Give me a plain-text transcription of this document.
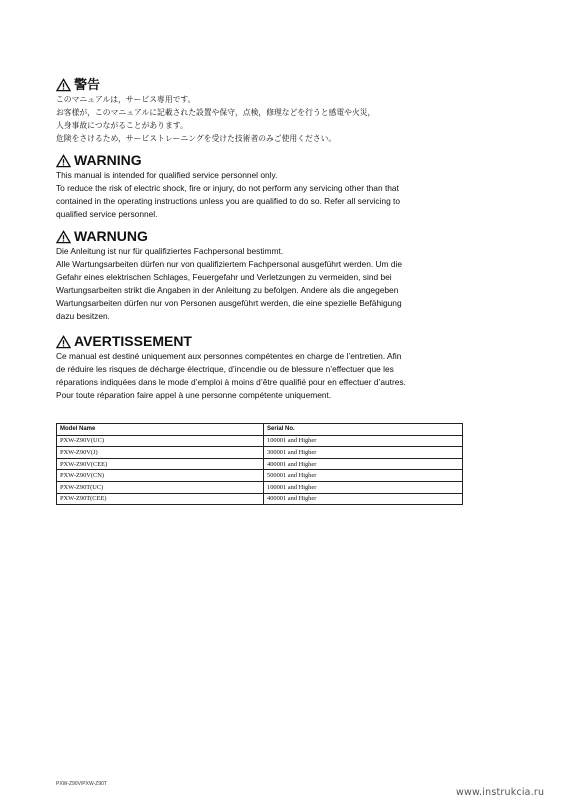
警告
このマニュアルは，サービス専用です。
お客様が，このマニュアルに記載された設置や保守，点検，修理などを行うと感電や火災，
人身事故につながることがあります。
危険をさけるため，サービストレーニングを受けた技術者のみご使用ください。
WARNING
This manual is intended for qualified service personnel only.
To reduce the risk of electric shock, fire or injury, do not perform any servicing other than that
contained in the operating instructions unless you are qualified to do so. Refer all servicing to
qualified service personnel.
WARNUNG
Die Anleitung ist nur für qualifiziertes Fachpersonal bestimmt.
Alle Wartungsarbeiten dürfen nur von qualifiziertem Fachpersonal ausgeführt werden. Um die
Gefahr eines elektrischen Schlages, Feuergefahr und Verletzungen zu vermeiden, sind bei
Wartungsarbeiten strikt die Angaben in der Anleitung zu befolgen. Andere als die angegeben
Wartungsarbeiten dürfen nur von Personen ausgeführt werden, die eine spezielle Befähigung
dazu besitzen.
AVERTISSEMENT
Ce manual est destiné uniquement aux personnes compétentes en charge de l’entretien. Afin
de réduire les risques de décharge électrique, d’incendie ou de blessure n’effectuer que les
réparations indiquées dans le mode d’emploi à moins d’être qualifié pour en effectuer d’autres.
Pour toute réparation faire appel à une personne compétente uniquement.
Model Name	Serial No.
PXW-Z90V(UC)	100001 and Higher
PXW-Z90V(J)	300001 and Higher
PXW-Z90V(CEE)	400001 and Higher
PXW-Z90V(CN)	500001 and Higher
PXW-Z90T(UC)	100001 and Higher
PXW-Z90T(CEE)	400001 and Higher
PXW-Z90V/PXW-Z90T
www.instrukcia.ru
